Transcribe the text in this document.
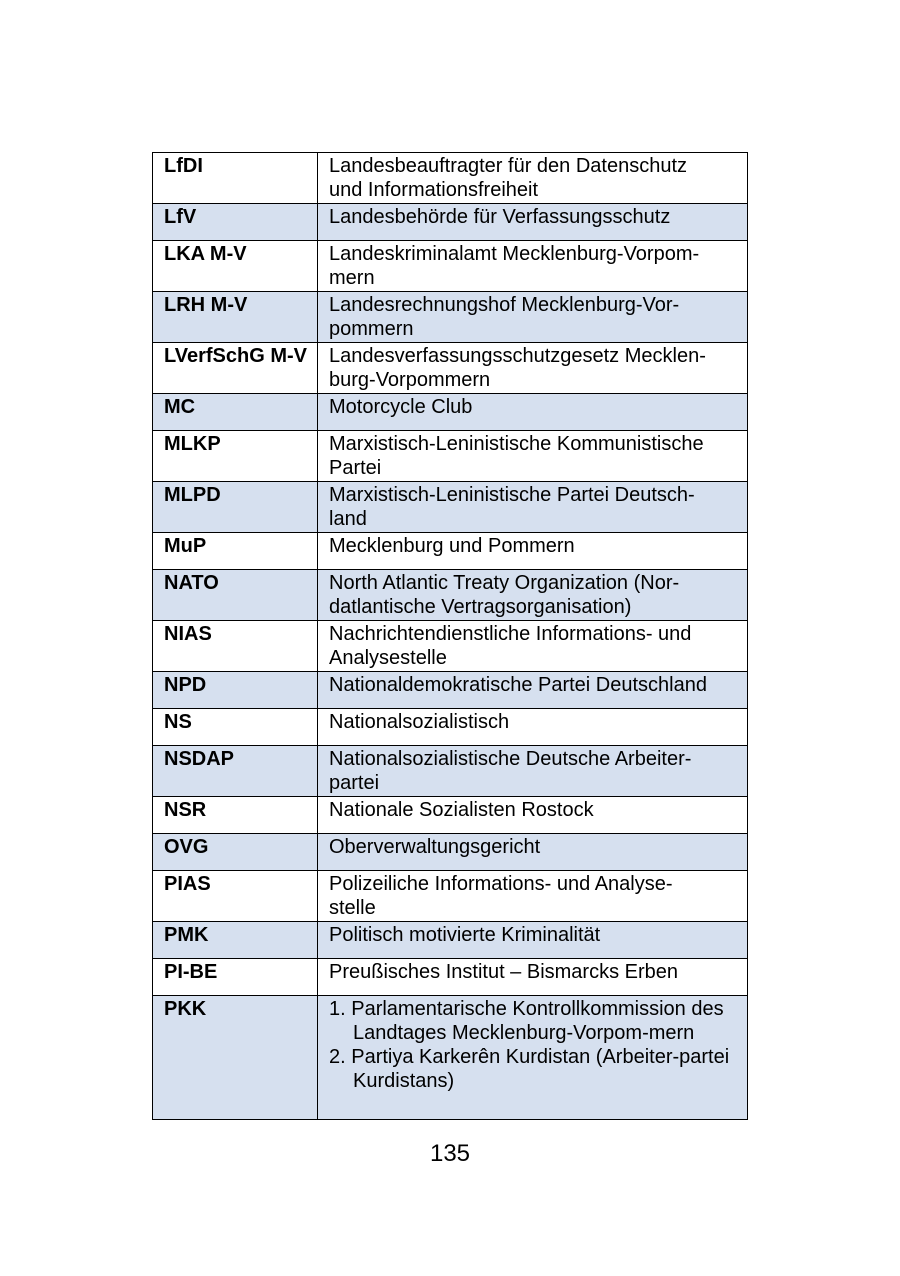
LfDI	Landesbeauftragter für den Datenschutz
und Informationsfreiheit

LfV	Landesbehörde für Verfassungsschutz

LKA M-V	Landeskriminalamt Mecklenburg-Vorpom-
mern

LRH M-V	Landesrechnungshof Mecklenburg-Vor-
pommern

LVerfSchG M-V	Landesverfassungsschutzgesetz Mecklen-
burg-Vorpommern

MC	Motorcycle Club

MLKP	Marxistisch-Leninistische Kommunistische
Partei

MLPD	Marxistisch-Leninistische Partei Deutsch-
land

MuP	Mecklenburg und Pommern

NATO	North Atlantic Treaty Organization (Nor-
datlantische Vertragsorganisation)

NIAS	Nachrichtendienstliche Informations- und
Analysestelle

NPD	Nationaldemokratische Partei Deutschland

NS	Nationalsozialistisch

NSDAP	Nationalsozialistische Deutsche Arbeiter-
partei

NSR	Nationale Sozialisten Rostock

OVG	Oberverwaltungsgericht

PIAS	Polizeiliche Informations- und Analyse-
stelle

PMK	Politisch motivierte Kriminalität

PI-BE	Preußisches Institut – Bismarcks Erben

PKK	1. Parlamentarische Kontrollkommission des Landtages Mecklenburg-Vorpom-mern
2. Partiya Karkerên Kurdistan (Arbeiter-partei Kurdistans)
135
